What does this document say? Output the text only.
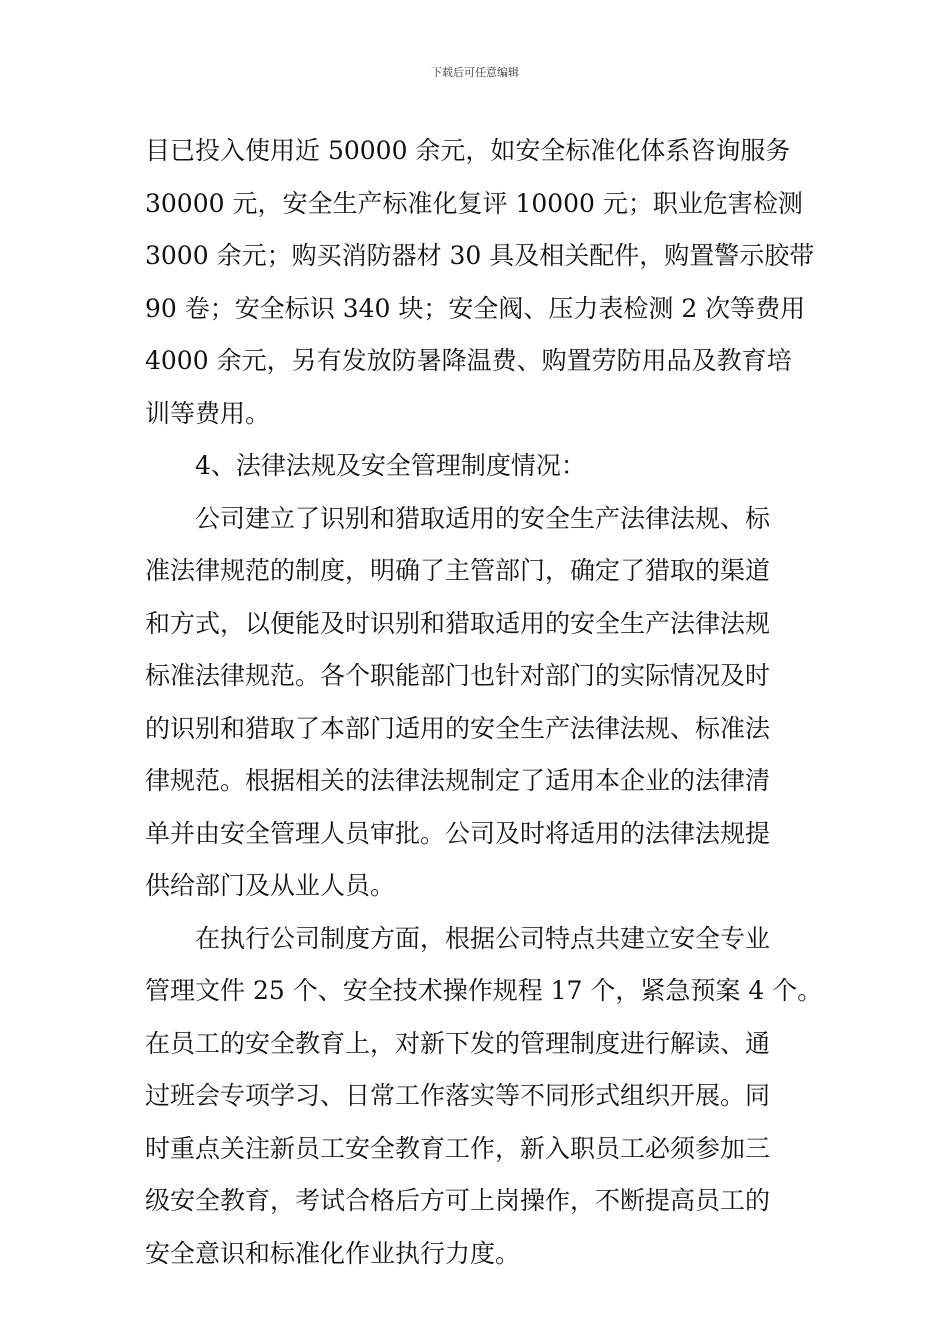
下载后可任意编辑
目已投入使用近 50000 余元，如安全标准化体系咨询服务
30000 元，安全生产标准化复评 10000 元；职业危害检测
3000 余元；购买消防器材 30 具及相关配件，购置警示胶带
90 卷；安全标识 340 块；安全阀、压力表检测 2 次等费用
4000 余元，另有发放防暑降温费、购置劳防用品及教育培
训等费用。
4、法律法规及安全管理制度情况：
公司建立了识别和猎取适用的安全生产法律法规、标
准法律规范的制度，明确了主管部门，确定了猎取的渠道
和方式，以便能及时识别和猎取适用的安全生产法律法规
标准法律规范。各个职能部门也针对部门的实际情况及时
的识别和猎取了本部门适用的安全生产法律法规、标准法
律规范。根据相关的法律法规制定了适用本企业的法律清
单并由安全管理人员审批。公司及时将适用的法律法规提
供给部门及从业人员。
在执行公司制度方面，根据公司特点共建立安全专业
管理文件 25 个、安全技术操作规程 17 个，紧急预案 4 个。
在员工的安全教育上，对新下发的管理制度进行解读、通
过班会专项学习、日常工作落实等不同形式组织开展。同
时重点关注新员工安全教育工作，新入职员工必须参加三
级安全教育，考试合格后方可上岗操作，不断提高员工的
安全意识和标准化作业执行力度。
